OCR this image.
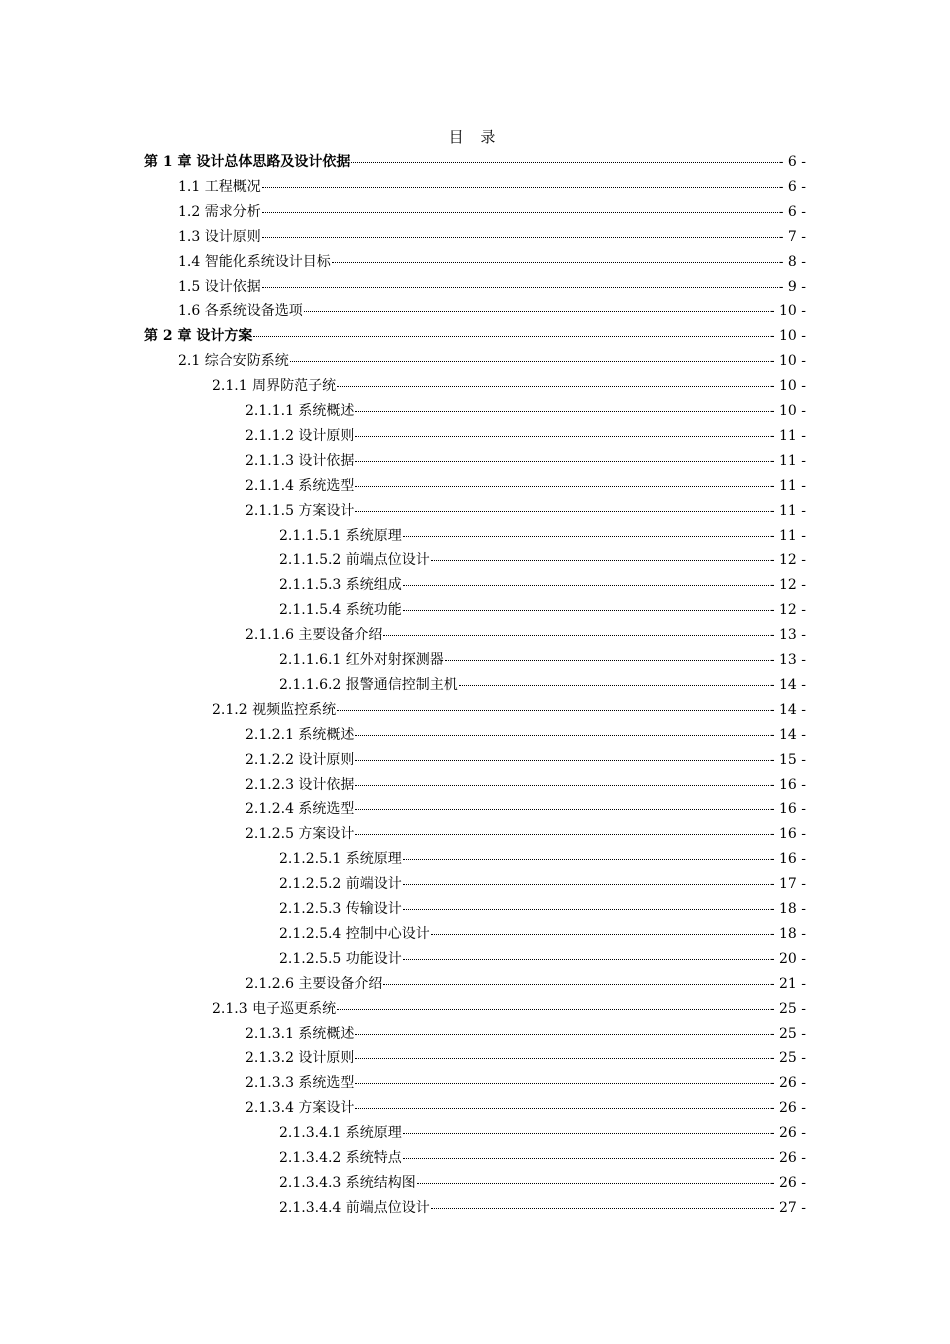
目 录
第 1 章 设计总体思路及设计依据	- 6 -
1.1 工程概况	- 6 -
1.2 需求分析	- 6 -
1.3 设计原则	- 7 -
1.4 智能化系统设计目标	- 8 -
1.5 设计依据	- 9 -
1.6 各系统设备选项	- 10 -
第 2 章 设计方案	- 10 -
2.1 综合安防系统	- 10 -
2.1.1 周界防范子统	- 10 -
2.1.1.1 系统概述	- 10 -
2.1.1.2 设计原则	- 11 -
2.1.1.3 设计依据	- 11 -
2.1.1.4 系统选型	- 11 -
2.1.1.5 方案设计	- 11 -
2.1.1.5.1 系统原理	- 11 -
2.1.1.5.2 前端点位设计	- 12 -
2.1.1.5.3 系统组成	- 12 -
2.1.1.5.4 系统功能	- 12 -
2.1.1.6 主要设备介绍	- 13 -
2.1.1.6.1 红外对射探测器	- 13 -
2.1.1.6.2 报警通信控制主机	- 14 -
2.1.2 视频监控系统	- 14 -
2.1.2.1 系统概述	- 14 -
2.1.2.2 设计原则	- 15 -
2.1.2.3 设计依据	- 16 -
2.1.2.4 系统选型	- 16 -
2.1.2.5 方案设计	- 16 -
2.1.2.5.1 系统原理	- 16 -
2.1.2.5.2 前端设计	- 17 -
2.1.2.5.3 传输设计	- 18 -
2.1.2.5.4 控制中心设计	- 18 -
2.1.2.5.5 功能设计	- 20 -
2.1.2.6 主要设备介绍	- 21 -
2.1.3 电子巡更系统	- 25 -
2.1.3.1 系统概述	- 25 -
2.1.3.2 设计原则	- 25 -
2.1.3.3 系统选型	- 26 -
2.1.3.4 方案设计	- 26 -
2.1.3.4.1 系统原理	- 26 -
2.1.3.4.2 系统特点	- 26 -
2.1.3.4.3 系统结构图	- 26 -
2.1.3.4.4 前端点位设计	- 27 -
